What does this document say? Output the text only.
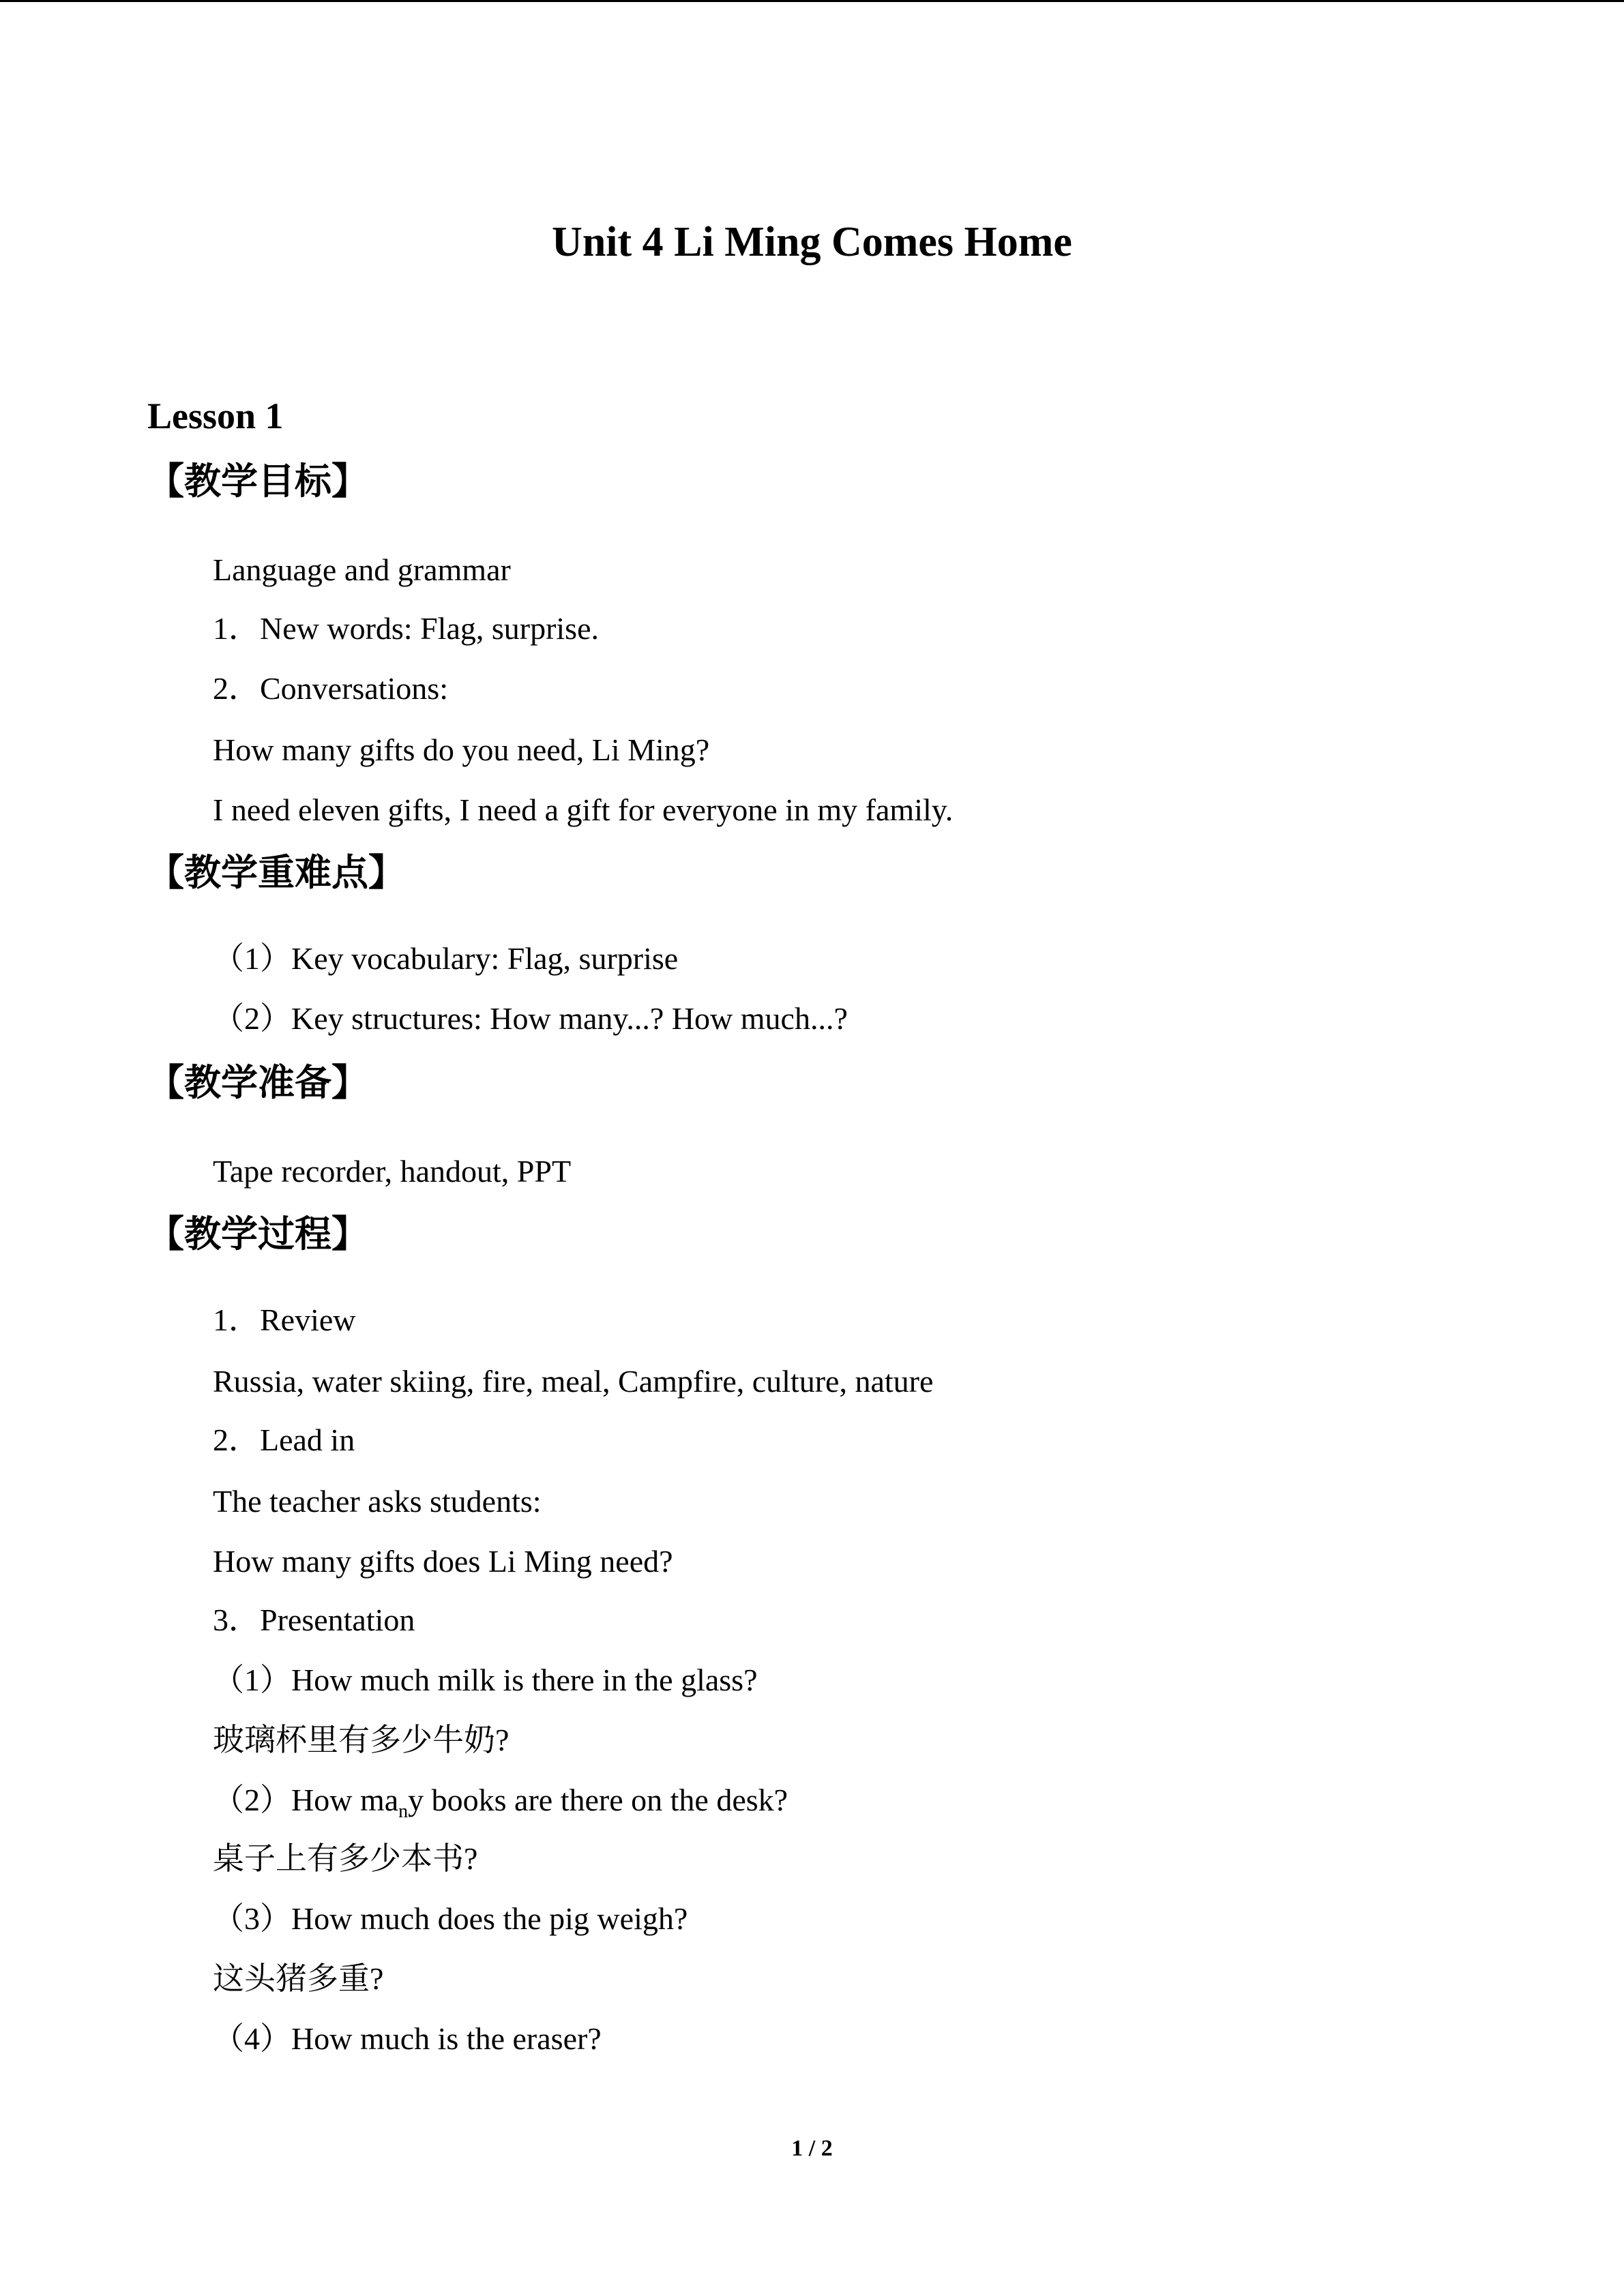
Unit 4 Li Ming Comes Home
Lesson 1
【教学目标】
Language and grammar
1．New words: Flag, surprise.
2．Conversations:
How many gifts do you need, Li Ming?
I need eleven gifts, I need a gift for everyone in my family.
【教学重难点】
（1）Key vocabulary: Flag, surprise
（2）Key structures: How many...? How much...?
【教学准备】
Tape recorder, handout, PPT
【教学过程】
1．Review
Russia, water skiing, fire, meal, Campfire, culture, nature
2．Lead in
The teacher asks students:
How many gifts does Li Ming need?
3．Presentation
（1）How much milk is there in the glass?
玻璃杯里有多少牛奶?
（2）How $ma_ny$ books are there on the desk?
桌子上有多少本书?
（3）How much does the pig weigh?
这头猪多重?
（4）How much is the eraser?
1 / 2
